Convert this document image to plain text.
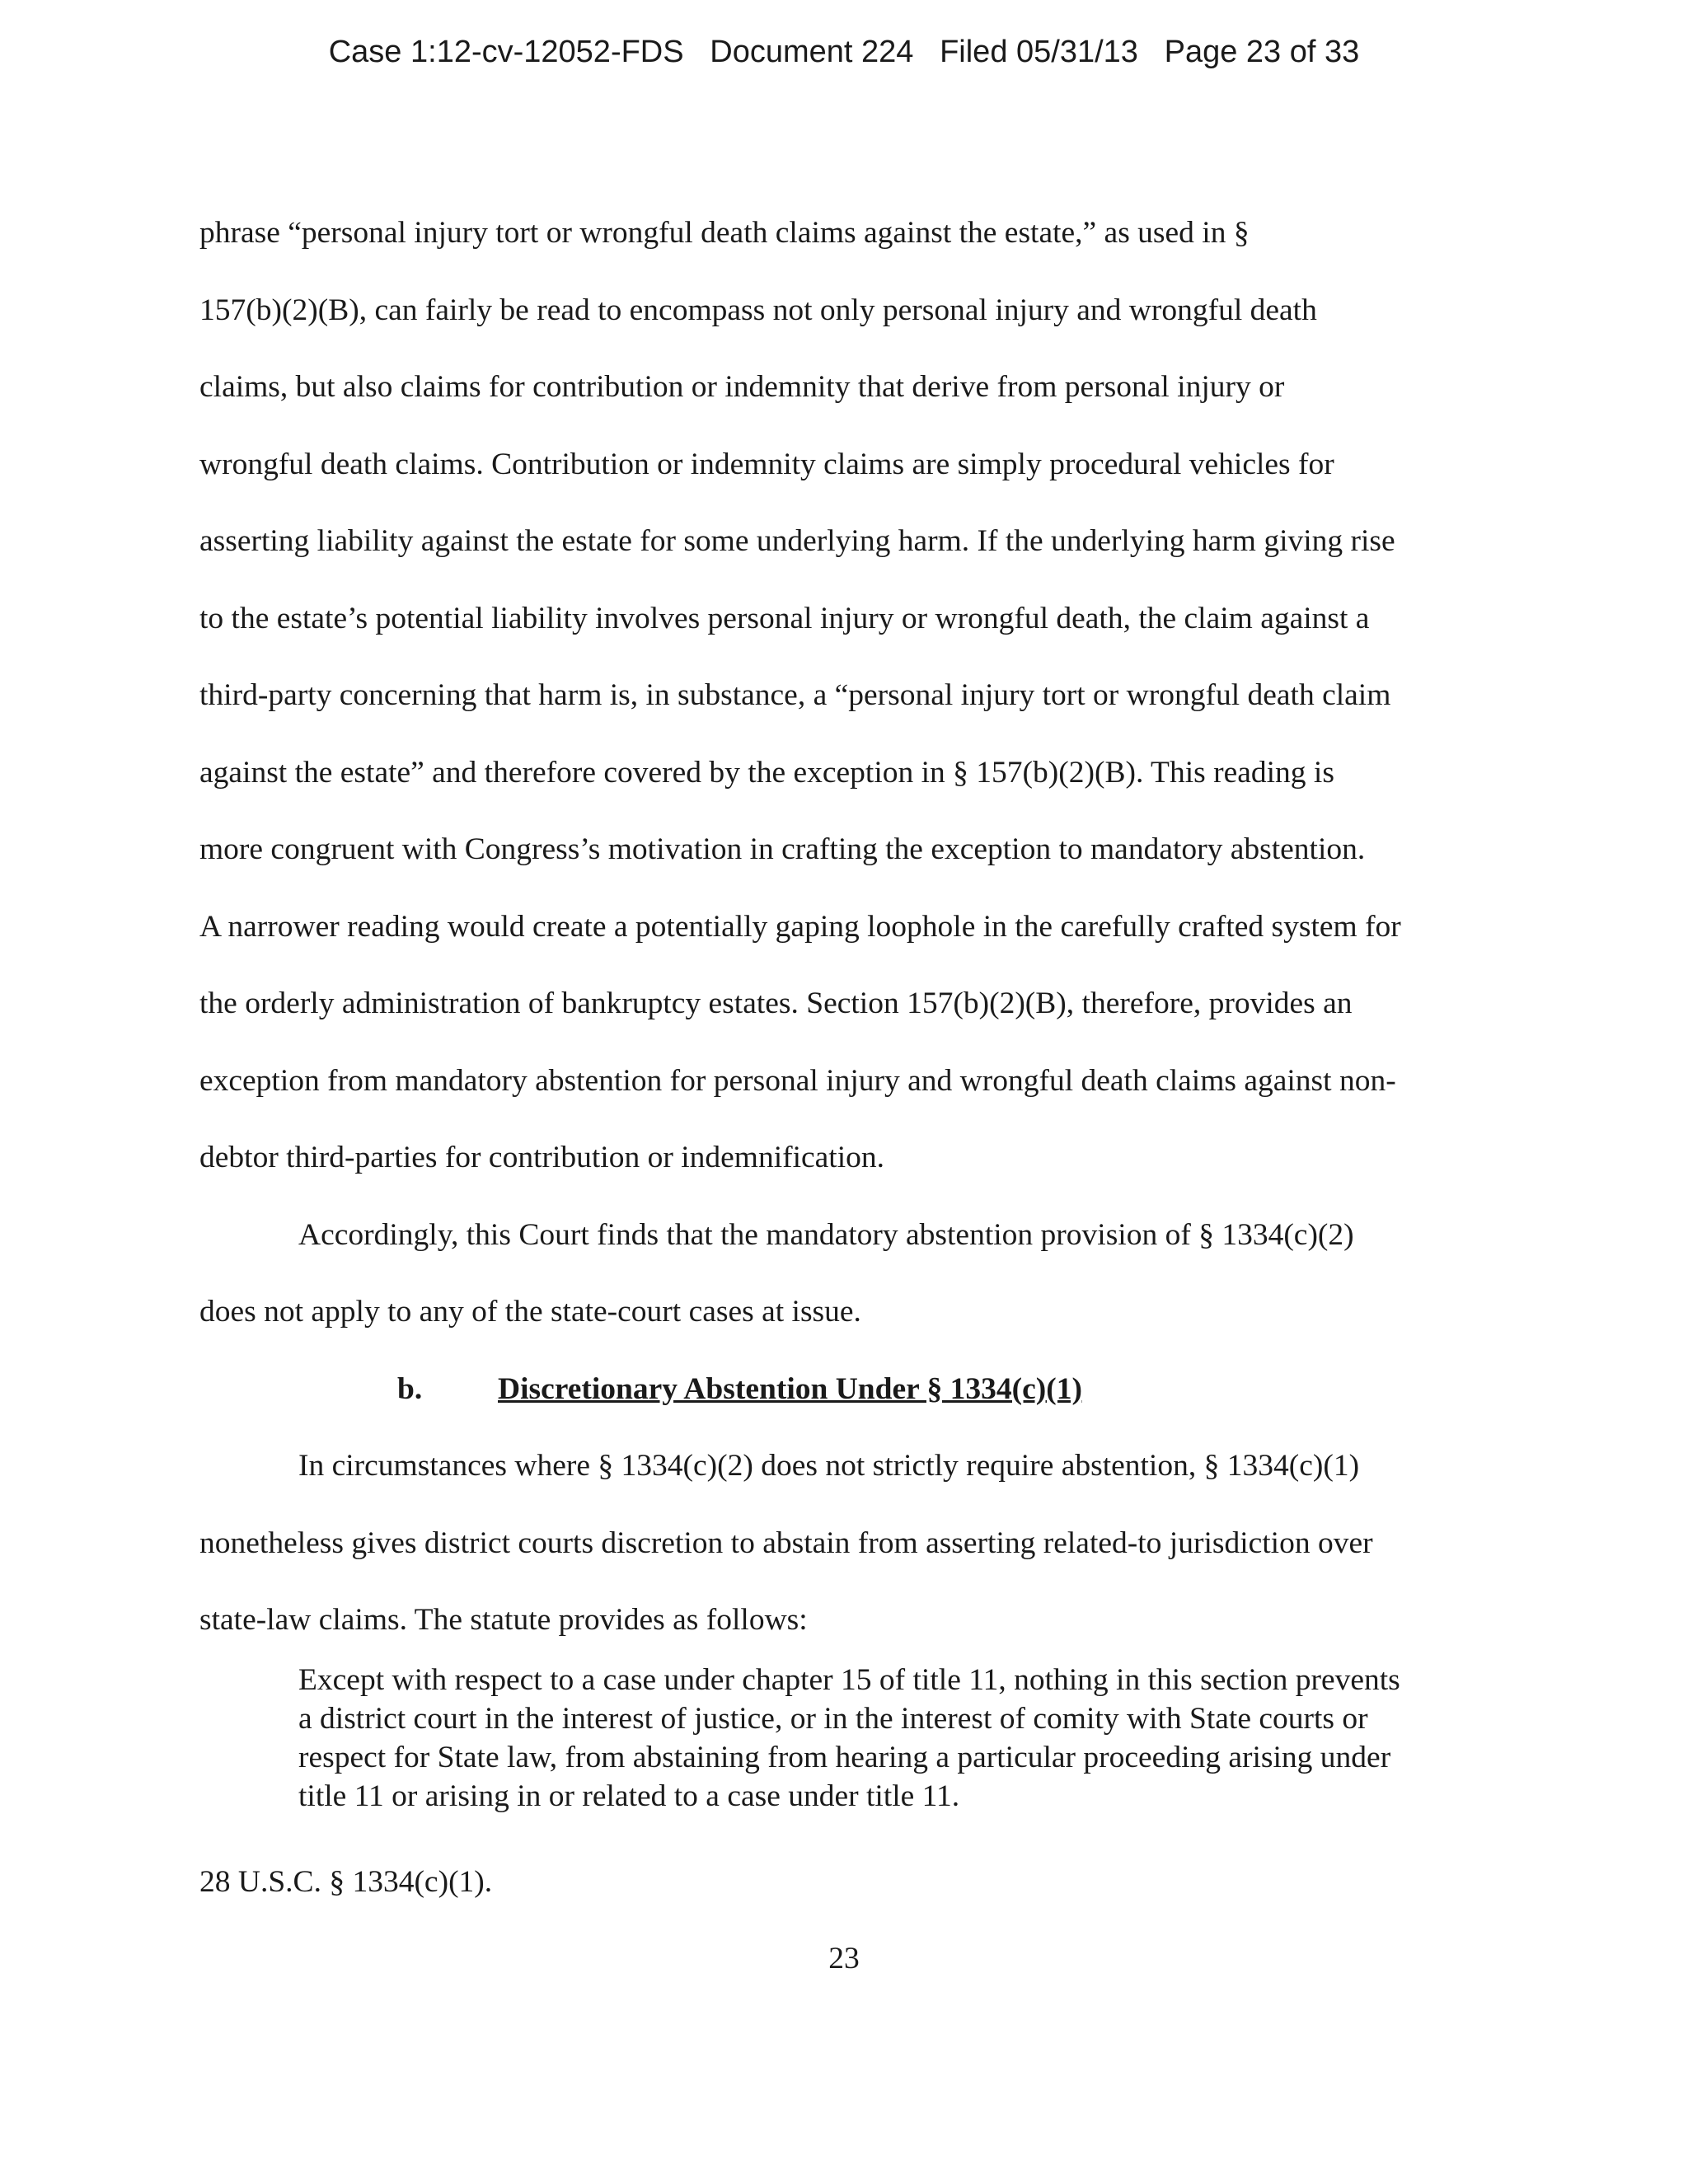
Case 1:12-cv-12052-FDS   Document 224   Filed 05/31/13   Page 23 of 33
phrase “personal injury tort or wrongful death claims against the estate,” as used in §
157(b)(2)(B), can fairly be read to encompass not only personal injury and wrongful death
claims, but also claims for contribution or indemnity that derive from personal injury or
wrongful death claims. Contribution or indemnity claims are simply procedural vehicles for
asserting liability against the estate for some underlying harm. If the underlying harm giving rise
to the estate’s potential liability involves personal injury or wrongful death, the claim against a
third-party concerning that harm is, in substance, a “personal injury tort or wrongful death claim
against the estate” and therefore covered by the exception in § 157(b)(2)(B). This reading is
more congruent with Congress’s motivation in crafting the exception to mandatory abstention.
A narrower reading would create a potentially gaping loophole in the carefully crafted system for
the orderly administration of bankruptcy estates. Section 157(b)(2)(B), therefore, provides an
exception from mandatory abstention for personal injury and wrongful death claims against non-
debtor third-parties for contribution or indemnification.
Accordingly, this Court finds that the mandatory abstention provision of § 1334(c)(2)
does not apply to any of the state-court cases at issue.
b. Discretionary Abstention Under § 1334(c)(1)
In circumstances where § 1334(c)(2) does not strictly require abstention, § 1334(c)(1)
nonetheless gives district courts discretion to abstain from asserting related-to jurisdiction over
state-law claims. The statute provides as follows:
Except with respect to a case under chapter 15 of title 11, nothing in this section prevents
a district court in the interest of justice, or in the interest of comity with State courts or
respect for State law, from abstaining from hearing a particular proceeding arising under
title 11 or arising in or related to a case under title 11.
28 U.S.C. § 1334(c)(1).
23
